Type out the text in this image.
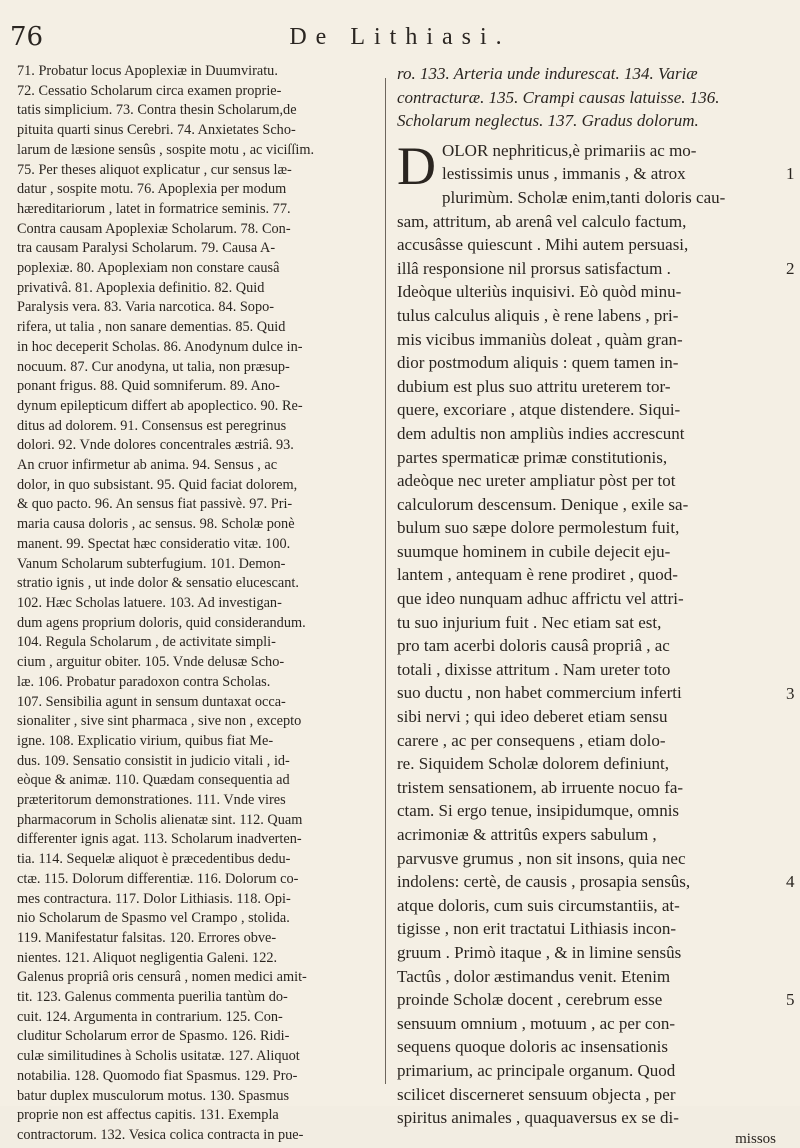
76	De Lithiasi.
71. Probatur locus Apoplexiæ in Duumviratu.
72. Cessatio Scholarum circa examen proprie-
tatis simplicium. 73. Contra thesin Scholarum,de
pituita quarti sinus Cerebri. 74. Anxietates Scho-
larum de læsione sensûs , sospite motu , ac viciſſim.
75. Per theses aliquot explicatur , cur sensus læ-
datur , sospite motu. 76. Apoplexia per modum
hæreditariorum , latet in formatrice seminis. 77.
Contra causam Apoplexiæ Scholarum. 78. Con-
tra causam Paralysi Scholarum. 79. Causa A-
poplexiæ. 80. Apoplexiam non constare causâ
privativâ. 81. Apoplexia definitio. 82. Quid
Paralysis vera. 83. Varia narcotica. 84. Sopo-
rifera, ut talia , non sanare dementias. 85. Quid
in hoc deceperit Scholas. 86. Anodynum dulce in-
nocuum. 87. Cur anodyna, ut talia, non præsup-
ponant frigus. 88. Quid somniferum. 89. Ano-
dynum epilepticum differt ab apoplectico. 90. Re-
ditus ad dolorem. 91. Consensus est peregrinus
dolori. 92. Vnde dolores concentrales æstriâ. 93.
An cruor infirmetur ab anima. 94. Sensus , ac
dolor, in quo subsistant. 95. Quid faciat dolorem,
& quo pacto. 96. An sensus fiat passivè. 97. Pri-
maria causa doloris , ac sensus. 98. Scholæ ponè
manent. 99. Spectat hæc consideratio vitæ. 100.
Vanum Scholarum subterfugium. 101. Demon-
stratio ignis , ut inde dolor & sensatio elucescant.
102. Hæc Scholas latuere. 103. Ad investigan-
dum agens proprium doloris, quid considerandum.
104. Regula Scholarum , de activitate simpli-
cium , arguitur obiter. 105. Vnde delusæ Scho-
læ. 106. Probatur paradoxon contra Scholas.
107. Sensibilia agunt in sensum duntaxat occa-
sionaliter , sive sint pharmaca , sive non , excepto
igne. 108. Explicatio virium, quibus fiat Me-
dus. 109. Sensatio consistit in judicio vitali , id-
eòque & animæ. 110. Quædam consequentia ad
præteritorum demonstrationes. 111. Vnde vires
pharmacorum in Scholis alienatæ sint. 112. Quam
differenter ignis agat. 113. Scholarum inadverten-
tia. 114. Sequelæ aliquot è præcedentibus dedu-
ctæ. 115. Dolorum differentiæ. 116. Dolorum co-
mes contractura. 117. Dolor Lithiasis. 118. Opi-
nio Scholarum de Spasmo vel Crampo , stolida.
119. Manifestatur falsitas. 120. Errores obve-
nientes. 121. Aliquot negligentia Galeni. 122.
Galenus propriâ oris censurâ , nomen medici amit-
tit. 123. Galenus commenta puerilia tantùm do-
cuit. 124. Argumenta in contrarium. 125. Con-
cluditur Scholarum error de Spasmo. 126. Ridi-
culæ similitudines à Scholis usitatæ. 127. Aliquot
notabilia. 128. Quomodo fiat Spasmus. 129. Pro-
batur duplex musculorum motus. 130. Spasmus
proprie non est affectus capitis. 131. Exempla
contractorum. 132. Vesica colica contracta in pue-
ro. 133. Arteria unde indurescat. 134. Variæ
contracturæ. 135. Crampi causas latuisse. 136.
Scholarum neglectus. 137. Gradus dolorum.
D OLOR nephriticus,è primariis ac mo-
lestissimis unus , immanis , & atrox
plurimùm. Scholæ enim,tanti doloris cau-
sam, attritum, ab arenâ vel calculo factum,
accusâsse quiescunt . Mihi autem persuasi,
illâ responsione nil prorsus satisfactum .
Ideòque ulteriùs inquisivi. Eò quòd minu-
tulus calculus aliquis , è rene labens , pri-
mis vicibus immaniùs doleat , quàm gran-
dior postmodum aliquis : quem tamen in-
dubium est plus suo attritu ureterem tor-
quere, excoriare , atque distendere. Siqui-
dem adultis non ampliùs indies accrescunt
partes spermaticæ primæ constitutionis,
adeòque nec ureter ampliatur pòst per tot
calculorum descensum. Denique , exile sa-
bulum suo sæpe dolore permolestum fuit,
suumque hominem in cubile dejecit eju-
lantem , antequam è rene prodiret , quod-
que ideo nunquam adhuc affrictu vel attri-
tu suo injurium fuit . Nec etiam sat est,
pro tam acerbi doloris causâ propriâ , ac
totali , dixisse attritum . Nam ureter toto
suo ductu , non habet commercium inferti
sibi nervi ; qui ideo deberet etiam sensu
carere , ac per consequens , etiam dolo-
re. Siquidem Scholæ dolorem definiunt,
tristem sensationem, ab irruente nocuo fa-
ctam. Si ergo tenue, insipidumque, omnis
acrimoniæ & attritûs expers sabulum ,
parvusve grumus , non sit insons, quia nec
indolens: certè, de causis , prosapia sensûs,
atque doloris, cum suis circumstantiis, at-
tigisse , non erit tractatui Lithiasis incon-
gruum . Primò itaque , & in limine sensûs
Tactûs , dolor æstimandus venit. Etenim
proinde Scholæ docent , cerebrum esse
sensuum omnium , motuum , ac per con-
sequens quoque doloris ac insensationis
primarium, ac principale organum. Quod
scilicet discerneret sensuum objecta , per
spiritus animales , quaquaversus ex se di-
missos
1
2
3
4
5
